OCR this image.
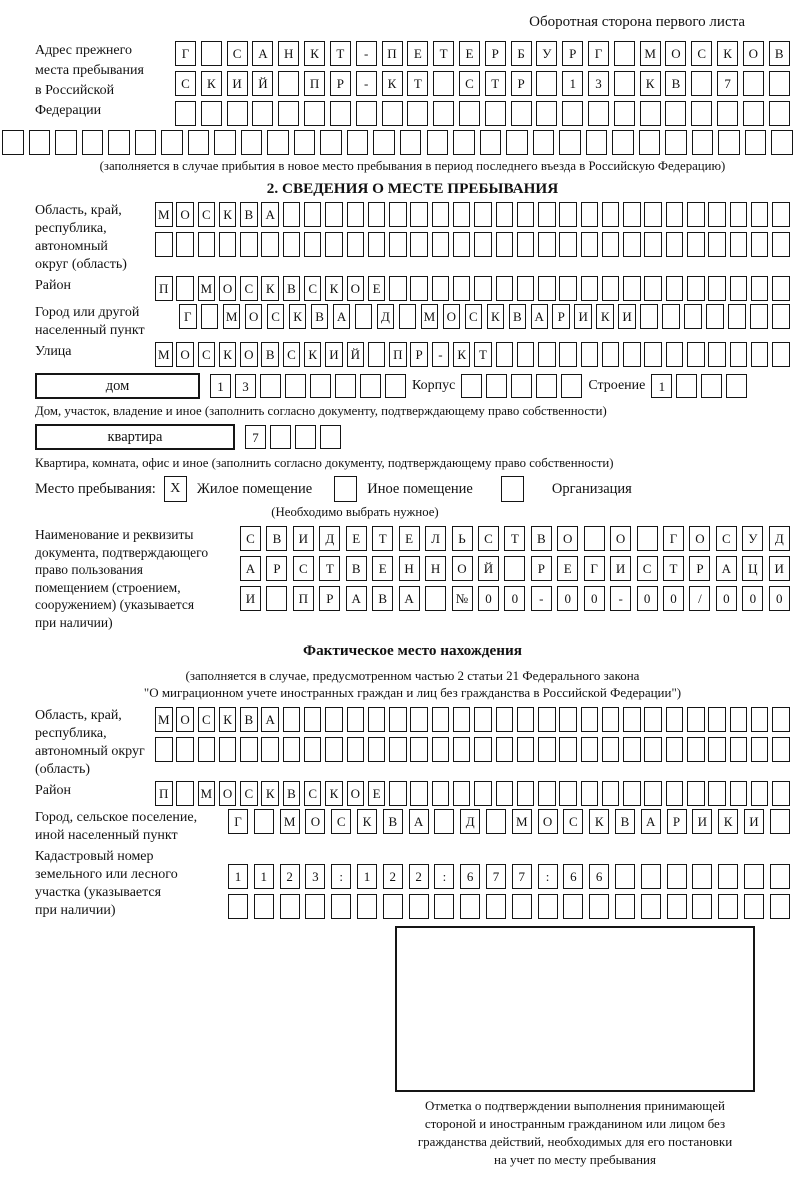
Оборотная сторона первого листа
Адрес прежнего
места пребывания
в Российской
Федерации
Г	С	А	Н	К	Т	-	П	Е	Т	Е	Р	Б	У	Р	Г	М	О	С	К	О	В
С	К	И	Й	П	Р	-	К	Т	С	Т	Р	1	3	К	В	7
(заполняется в случае прибытия в новое место пребывания в период последнего въезда в Российскую Федерацию)
2. СВЕДЕНИЯ О МЕСТЕ ПРЕБЫВАНИЯ
Область, край,
республика,
автономный
округ (область)
М О С К В А
Район	П	М О С К В С К О Е
Город или другой
населенный пункт
Г	М О С	К	В А	Д	М О С	К	В А	Р	И К И
Улица	М О С К О В С К И Й	П Р	-	К Т
дом	1	3	Корпус	Строение	1
Дом, участок, владение и иное (заполнить согласно документу, подтверждающему право собственности)
квартира	7
Квартира, комната, офис и иное (заполнить согласно документу, подтверждающему право собственности)
Место пребывания:	X	Жилое помещение	Иное помещение	Организация
(Необходимо выбрать нужное)
Наименование и реквизиты
документа, подтверждающего
право пользования
помещением (строением,
сооружением) (указывается
при наличии)
С	В	И	Д	Е	Т	Е	Л	Ь	С	Т	В	О	О	Г	О	С	У	Д
А	Р	С	Т	В	Е	Н	Н	О	Й	Р	Е	Г	И	С	Т	Р	А	Ц	И
И	П	Р	А	В	А	№	0	0	-	0	0	-	0	0	/	0	0	0
Фактическое место нахождения
(заполняется в случае, предусмотренном частью 2 статьи 21 Федерального закона
"О миграционном учете иностранных граждан и лиц без гражданства в Российской Федерации")
Область, край,
республика,
автономный округ
(область)
М О С К В А
Район	П	М О С К В С К О Е
Город, сельское поселение,
иной населенный пункт
Г	М	О	С	К	В	А	Д	М	О	С	К	В	А	Р	И	К	И
Кадастровый номер
земельного или лесного
участка (указывается
при наличии)
1	1	2	3	:	1	2	2	:	6	7	7	:	6	6
Отметка о подтверждении выполнения принимающей
стороной и иностранным гражданином или лицом без
гражданства действий, необходимых для его постановки
на учет по месту пребывания
